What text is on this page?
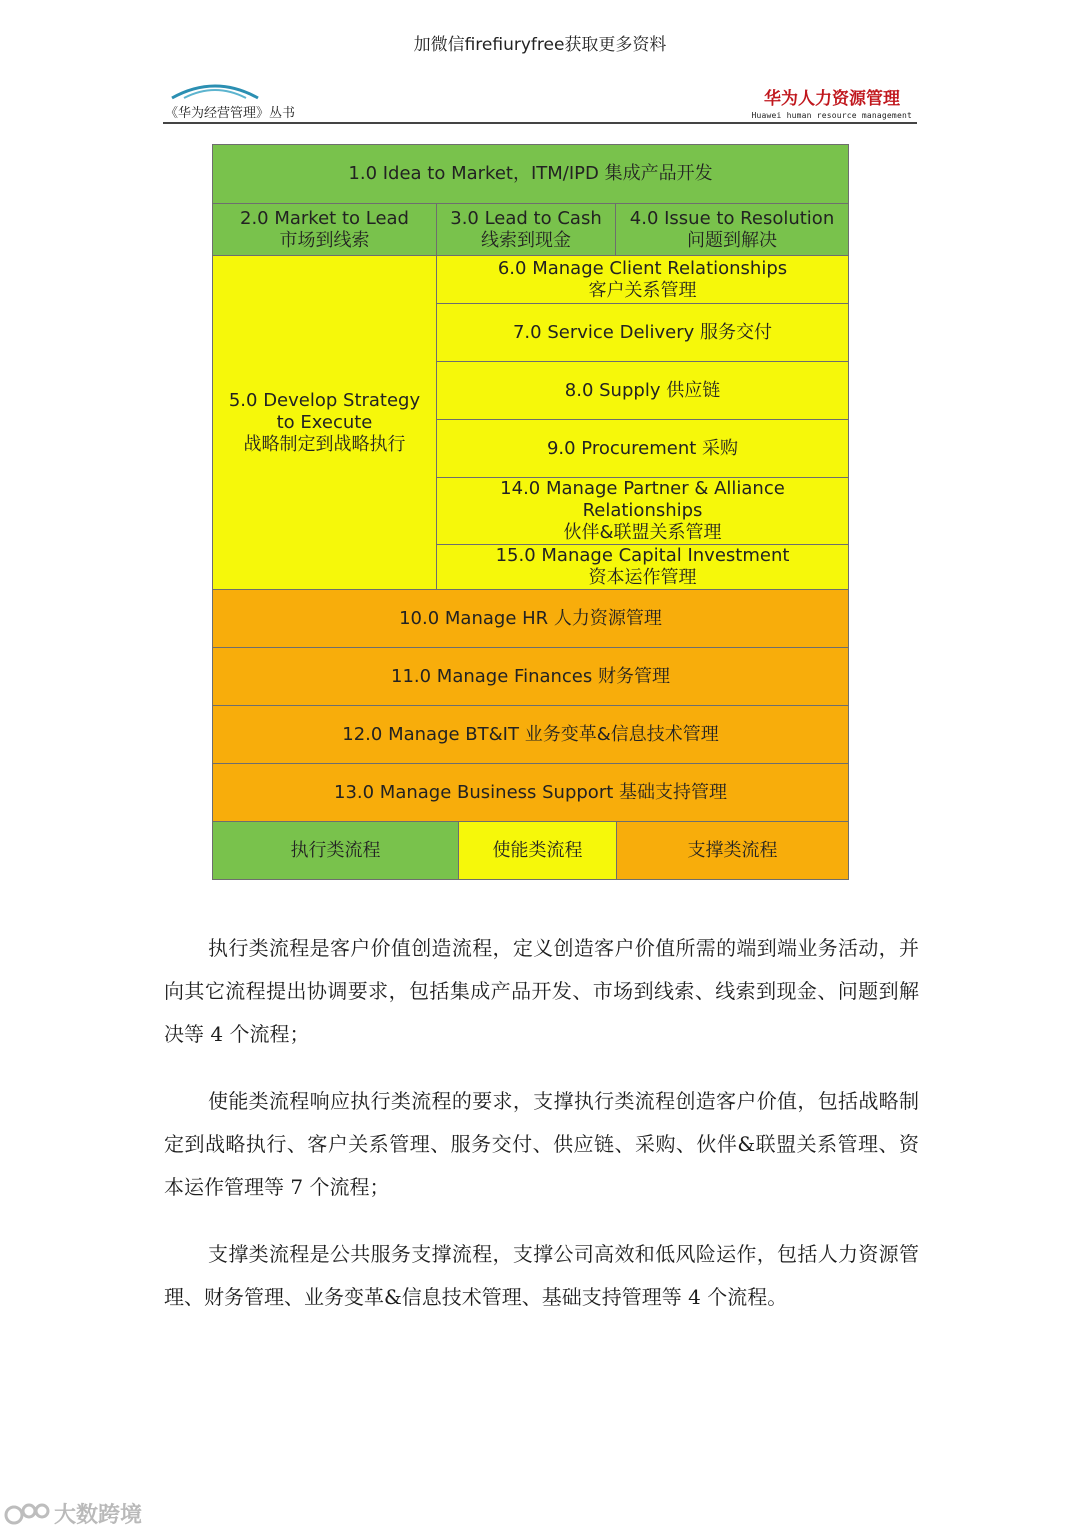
加微信fireﬁuryfree获取更多资料
《华为经营管理》丛书
华为人力资源管理
Huawei human resource management
1.0 Idea to Market，ITM/IPD 集成产品开发
2.0 Market to Lead
市场到线索
3.0 Lead to Cash
线索到现金
4.0 Issue to Resolution
问题到解决
5.0 Develop Strategy
to Execute
战略制定到战略执行
6.0 Manage Client Relationships
客户关系管理
7.0 Service Delivery 服务交付
8.0 Supply 供应链
9.0 Procurement 采购
14.0 Manage Partner & Alliance
Relationships
伙伴&联盟关系管理
15.0 Manage Capital Investment
资本运作管理
10.0 Manage HR 人力资源管理
11.0 Manage Finances 财务管理
12.0 Manage BT&IT 业务变革&信息技术管理
13.0 Manage Business Support 基础支持管理
执行类流程	使能类流程	支撑类流程

执行类流程是客户价值创造流程，定义创造客户价值所需的端到端业务活动，并向其它流程提出协调要求，包括集成产品开发、市场到线索、线索到现金、问题到解决等 4 个流程；

使能类流程响应执行类流程的要求，支撑执行类流程创造客户价值，包括战略制定到战略执行、客户关系管理、服务交付、供应链、采购、伙伴&联盟关系管理、资本运作管理等 7 个流程；

支撑类流程是公共服务支撑流程，支撑公司高效和低风险运作，包括人力资源管理、财务管理、业务变革&信息技术管理、基础支持管理等 4 个流程。

大数跨境
